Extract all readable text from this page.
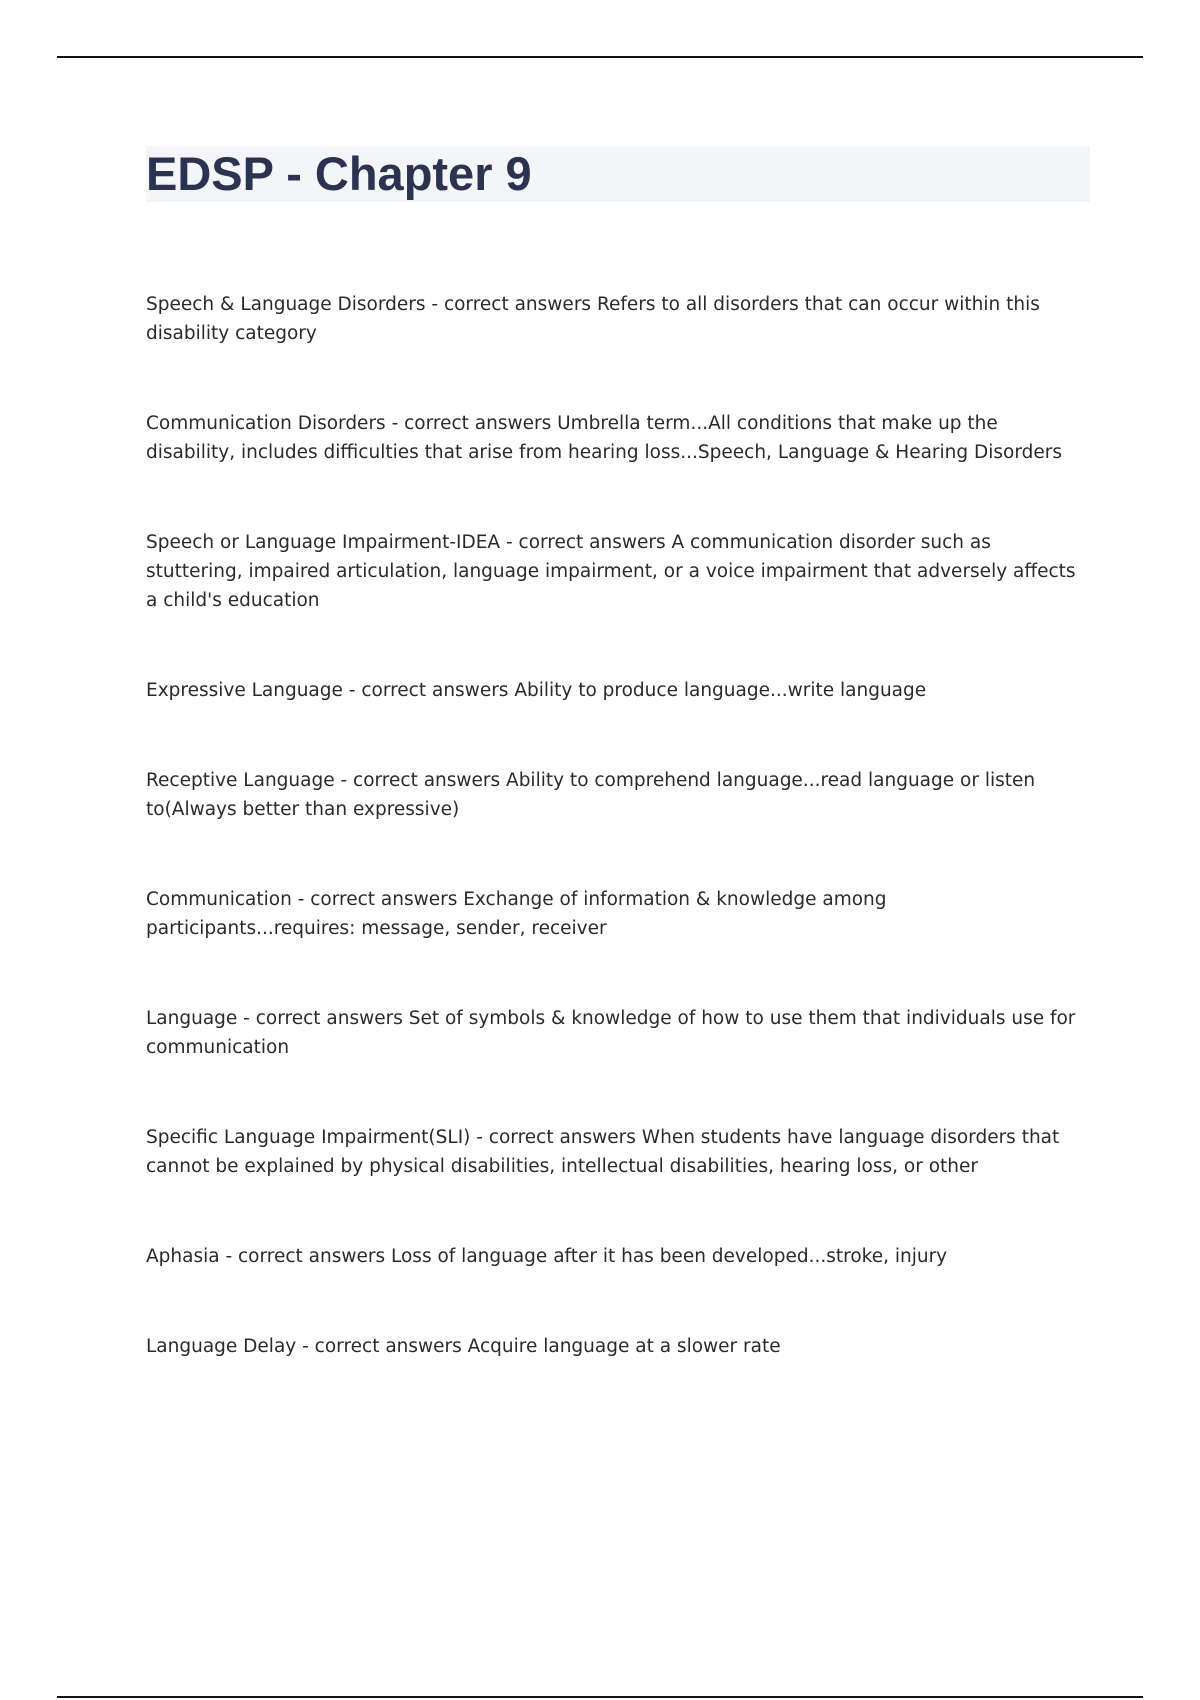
EDSP - Chapter 9

Speech & Language Disorders - correct answers Refers to all disorders that can occur within this disability category

Communication Disorders - correct answers Umbrella term...All conditions that make up the disability, includes difficulties that arise from hearing loss...Speech, Language & Hearing Disorders

Speech or Language Impairment-IDEA - correct answers A communication disorder such as stuttering, impaired articulation, language impairment, or a voice impairment that adversely affects a child's education

Expressive Language - correct answers Ability to produce language...write language

Receptive Language - correct answers Ability to comprehend language...read language or listen to(Always better than expressive)

Communication - correct answers Exchange of information & knowledge among participants...requires: message, sender, receiver

Language - correct answers Set of symbols & knowledge of how to use them that individuals use for communication

Specific Language Impairment(SLI) - correct answers When students have language disorders that cannot be explained by physical disabilities, intellectual disabilities, hearing loss, or other

Aphasia - correct answers Loss of language after it has been developed...stroke, injury

Language Delay - correct answers Acquire language at a slower rate
